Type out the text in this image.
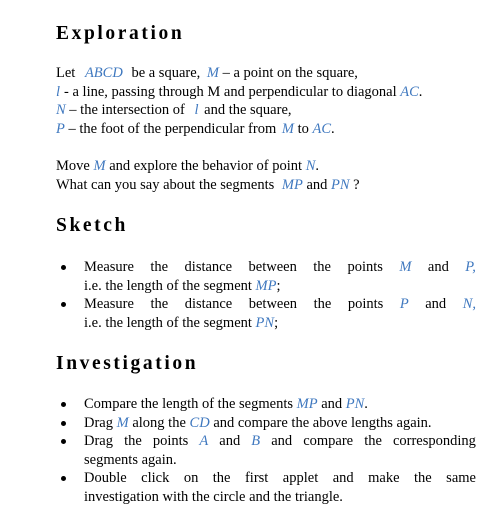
Exploration
Let ABCD be a square, M – a point on the square,
l - a line, passing through M and perpendicular to diagonal AC.
N – the intersection of l and the square,
P – the foot of the perpendicular from M to AC.
Move M and explore the behavior of point N.
What can you say about the segments MP and PN ?
Sketch
Measure the distance between the points M and P,
i.e. the length of the segment MP;
Measure the distance between the points P and N,
i.e. the length of the segment PN;
Investigation
Compare the length of the segments MP and PN.
Drag M along the CD and compare the above lengths again.
Drag the points A and B and compare the corresponding
segments again.
Double click on the first applet and make the same
investigation with the circle and the triangle.
